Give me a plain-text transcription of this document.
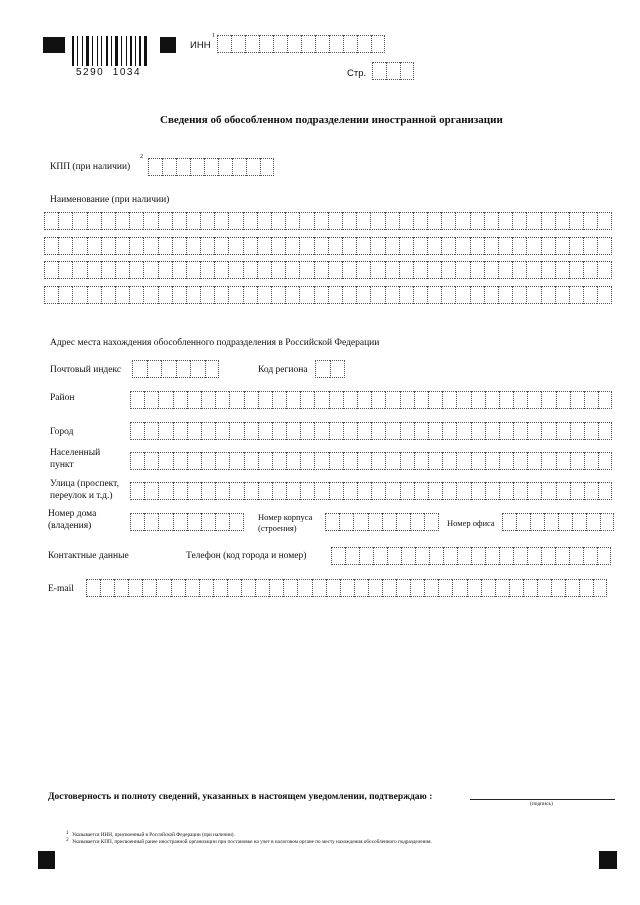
5290  1034
ИНН
1
Стр.
Сведения об обособленном подразделении иностранной организации
КПП (при наличии)
2
Наименование (при наличии)
Адрес места нахождения обособленного подразделения в Российской Федерации
Почтовый индекс	Код региона
Район
Город
Населенный
пункт
Улица (проспект,
переулок и т.д.)
Номер дома
(владения)
Номер корпуса
(строения)	Номер офиса
Контактные данные	Телефон (код города и номер)
E-mail
Достоверность и полноту сведений, указанных в настоящем уведомлении, подтверждаю :
(подпись)
1 Указывается ИНН, присвоенный в Российской Федерации (при наличии).
2 Указывается КПП, присвоенный ранее иностранной организации при постановке на учет в налоговом органе по месту нахождения обособленного подразделения.
